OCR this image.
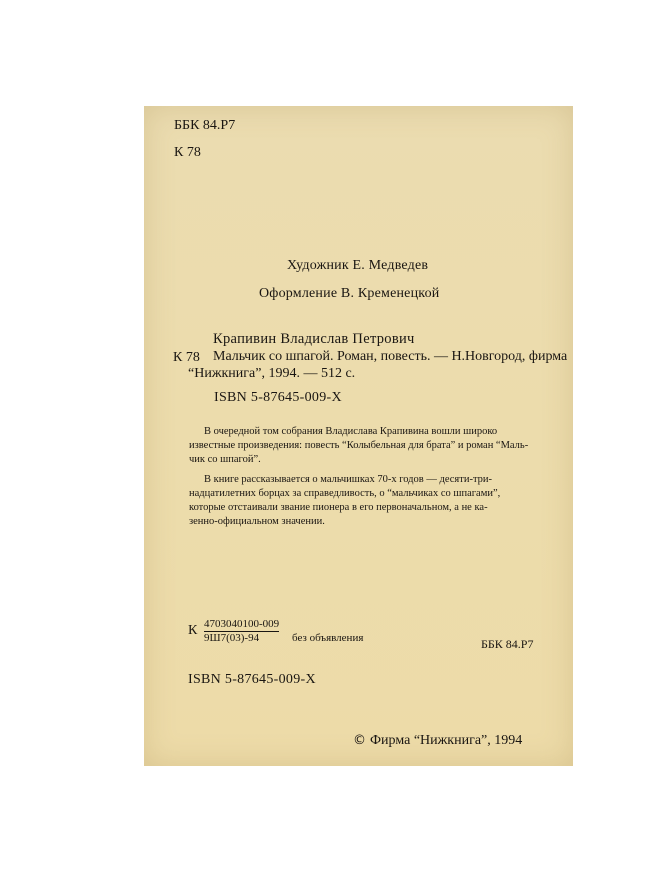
ББК 84.Р7
К 78
Художник Е. Медведев
Оформление В. Кременецкой
Крапивин Владислав Петрович
К 78 Мальчик со шпагой. Роман, повесть. — Н.Новгород, фирма
“Нижкнига”, 1994. — 512 с.
ISBN 5-87645-009-X
В очередной том собрания Владислава Крапивина вошли широко
известные произведения: повесть “Колыбельная для брата” и роман “Маль-
чик со шпагой”.
В книге рассказывается о мальчишках 70-х годов — десяти-три-
надцатилетних борцах за справедливость, о “мальчиках со шпагами”,
которые отстаивали звание пионера в его первоначальном, а не ка-
зенно-официальном значении.
К 4703040100-009
9Ш7(03)-94	без объявления	ББК 84.Р7
ISBN 5-87645-009-X
© Фирма “Нижкнига”, 1994
